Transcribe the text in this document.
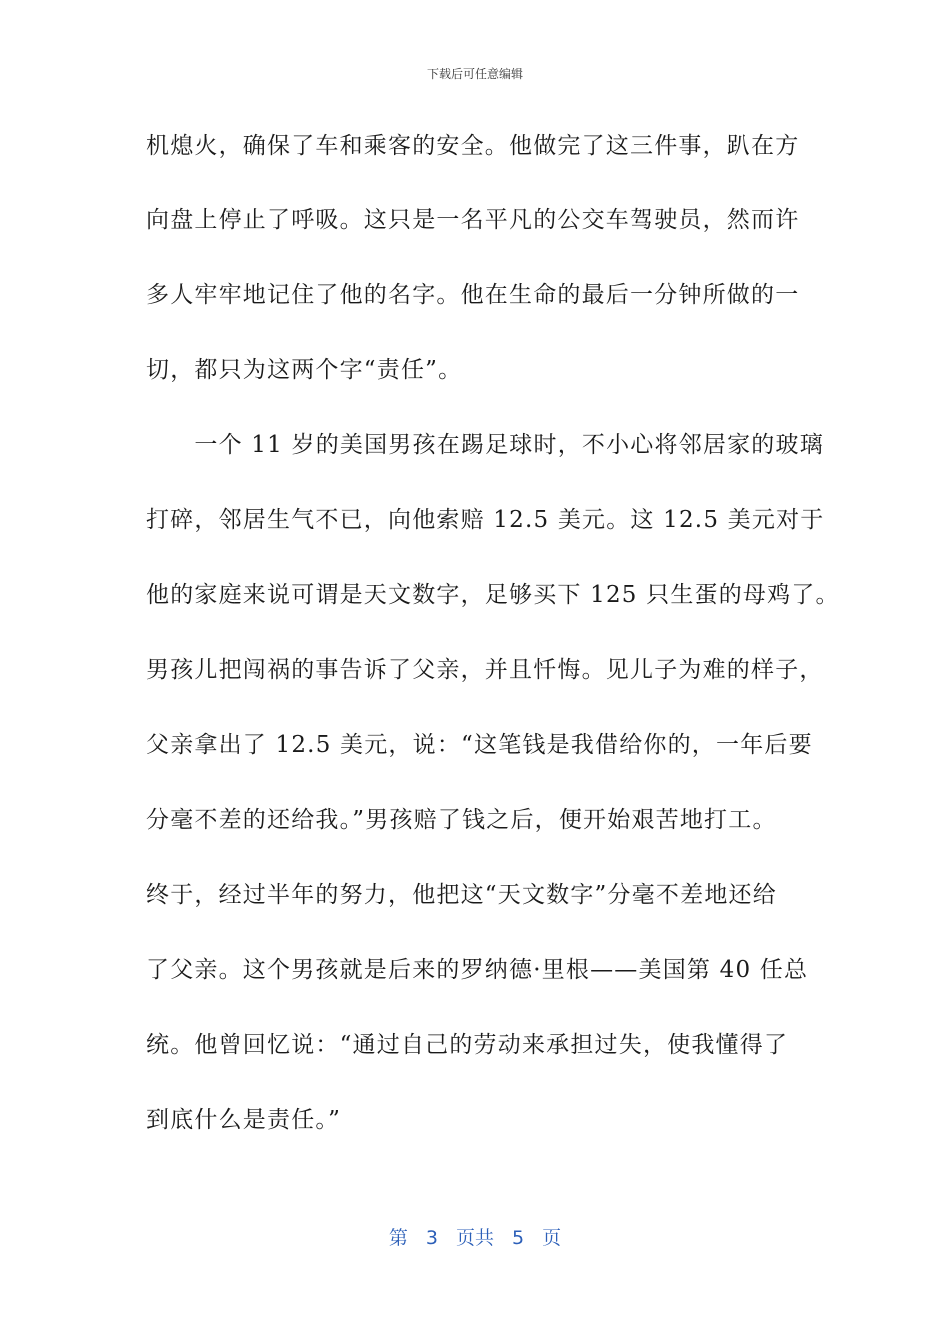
下载后可任意编辑
机熄火，确保了车和乘客的安全。他做完了这三件事，趴在方
向盘上停止了呼吸。这只是一名平凡的公交车驾驶员，然而许
多人牢牢地记住了他的名字。他在生命的最后一分钟所做的一
切，都只为这两个字“责任”。
　　一个 11 岁的美国男孩在踢足球时，不小心将邻居家的玻璃
打碎，邻居生气不已，向他索赔 12.5 美元。这 12.5 美元对于
他的家庭来说可谓是天文数字，足够买下 125 只生蛋的母鸡了。
男孩儿把闯祸的事告诉了父亲，并且忏悔。见儿子为难的样子，
父亲拿出了 12.5 美元，说：“这笔钱是我借给你的，一年后要
分毫不差的还给我。”男孩赔了钱之后，便开始艰苦地打工。
终于，经过半年的努力，他把这“天文数字”分毫不差地还给
了父亲。这个男孩就是后来的罗纳德·里根——美国第 40 任总
统。他曾回忆说：“通过自己的劳动来承担过失，使我懂得了
到底什么是责任。”
第 3 页共 5 页
